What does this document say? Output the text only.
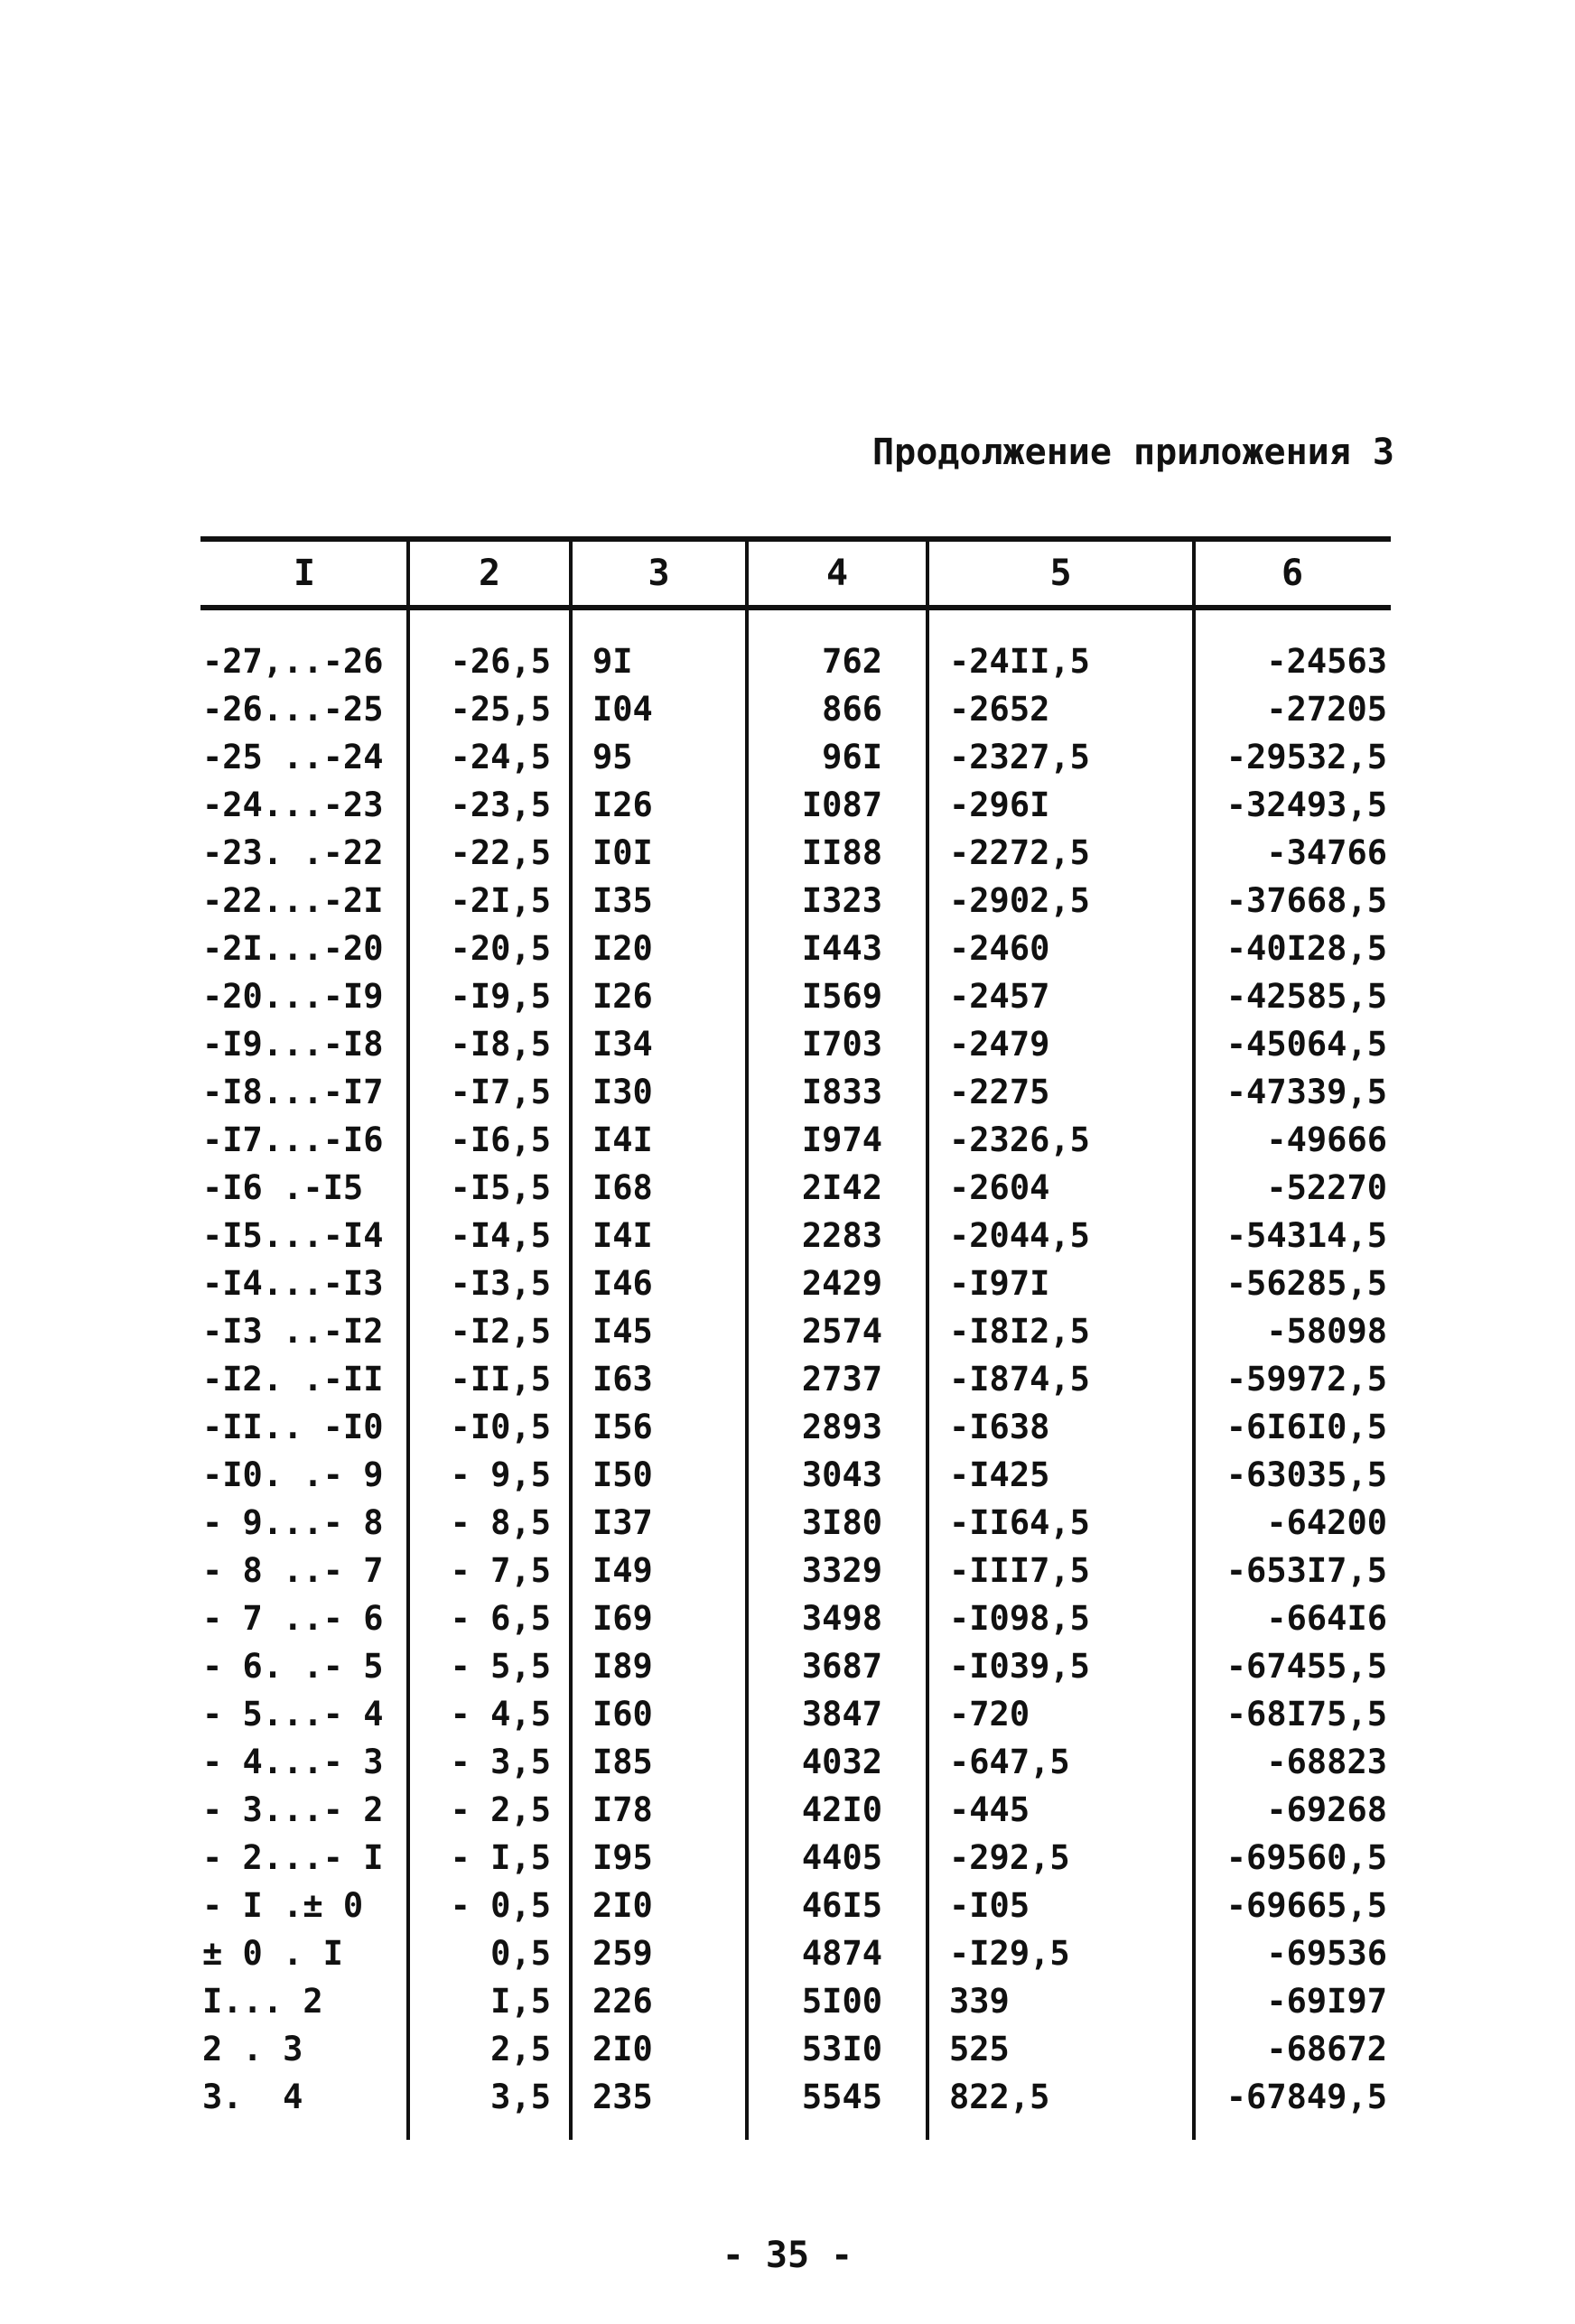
Продолжение приложения 3
I	2	3	4	5	6
-27,..-26	-26,5	9I	762	-24II,5	-24563
-26...-25	-25,5	I04	866	-2652	-27205
-25 ..-24	-24,5	95	96I	-2327,5	-29532,5
-24...-23	-23,5	I26	I087	-296I	-32493,5
-23. .-22	-22,5	I0I	II88	-2272,5	-34766
-22...-2I	-2I,5	I35	I323	-2902,5	-37668,5
-2I...-20	-20,5	I20	I443	-2460	-40I28,5
-20...-I9	-I9,5	I26	I569	-2457	-42585,5
-I9...-I8	-I8,5	I34	I703	-2479	-45064,5
-I8...-I7	-I7,5	I30	I833	-2275	-47339,5
-I7...-I6	-I6,5	I4I	I974	-2326,5	-49666
-I6 .-I5	-I5,5	I68	2I42	-2604	-52270
-I5...-I4	-I4,5	I4I	2283	-2044,5	-54314,5
-I4...-I3	-I3,5	I46	2429	-I97I	-56285,5
-I3 ..-I2	-I2,5	I45	2574	-I8I2,5	-58098
-I2. .-II	-II,5	I63	2737	-I874,5	-59972,5
-II.. -I0	-I0,5	I56	2893	-I638	-6I6I0,5
-I0. .- 9	- 9,5	I50	3043	-I425	-63035,5
- 9...- 8	- 8,5	I37	3I80	-II64,5	-64200
- 8 ..- 7	- 7,5	I49	3329	-III7,5	-653I7,5
- 7 ..- 6	- 6,5	I69	3498	-I098,5	-664I6
- 6. .- 5	- 5,5	I89	3687	-I039,5	-67455,5
- 5...- 4	- 4,5	I60	3847	-720	-68I75,5
- 4...- 3	- 3,5	I85	4032	-647,5	-68823
- 3...- 2	- 2,5	I78	42I0	-445	-69268
- 2...- I	- I,5	I95	4405	-292,5	-69560,5
- I .± 0	- 0,5	2I0	46I5	-I05	-69665,5
± 0 . I	0,5	259	4874	-I29,5	-69536
I... 2	I,5	226	5I00	339	-69I97
2 . 3	2,5	2I0	53I0	525	-68672
3.  4	3,5	235	5545	822,5	-67849,5
- 35 -
